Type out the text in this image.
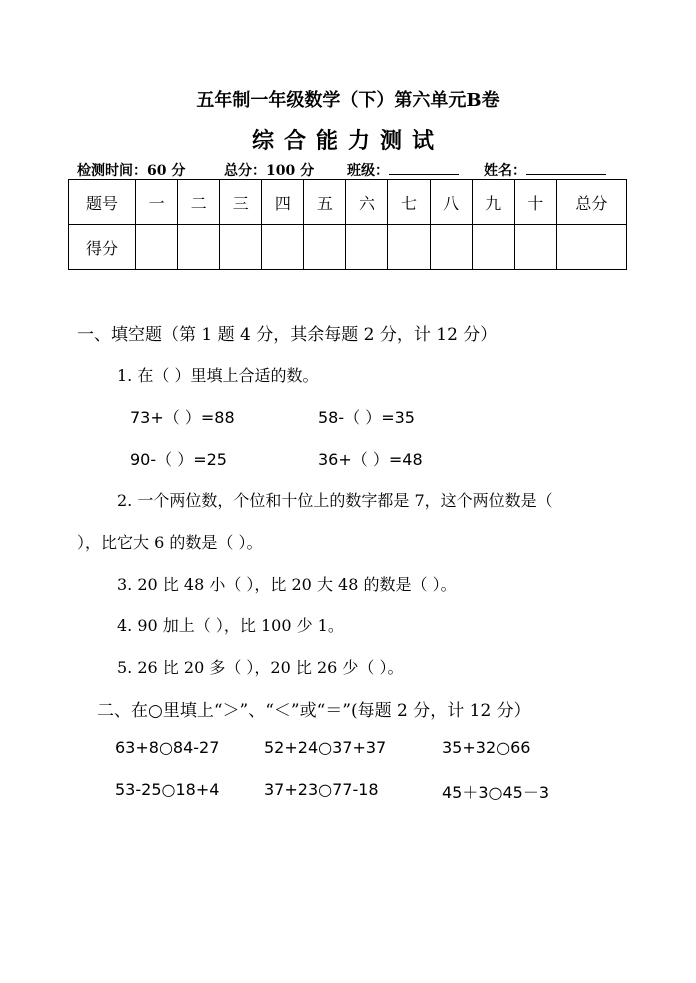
五年制一年级数学（下）第六单元B卷
综合能力测试
检测时间：60 分	总分：100 分 班级：	姓名：
题号	一	二	三	四	五	六	七	八	九	十	总分
得分											
一、填空题（第 1 题 4 分，其余每题 2 分，计 12 分）
1. 在（ ）里填上合适的数。
73+（ ）=88	58-（ ）=35
90-（ ）=25	36+（ ）=48
2. 一个两位数，个位和十位上的数字都是 7，这个两位数是（
），比它大 6 的数是（ ）。
3. 20 比 48 小（ ），比 20 大 48 的数是（ ）。
4. 90 加上（ ），比 100 少 1。
5. 26 比 20 多（ ），20 比 26 少（ ）。
二、在○里填上“＞”、“＜”或“＝”(每题 2 分，计 12 分）
63+8○84-27	52+24○37+37	35+32○66
53-25○18+4	37+23○77-18	45＋3○45－3
